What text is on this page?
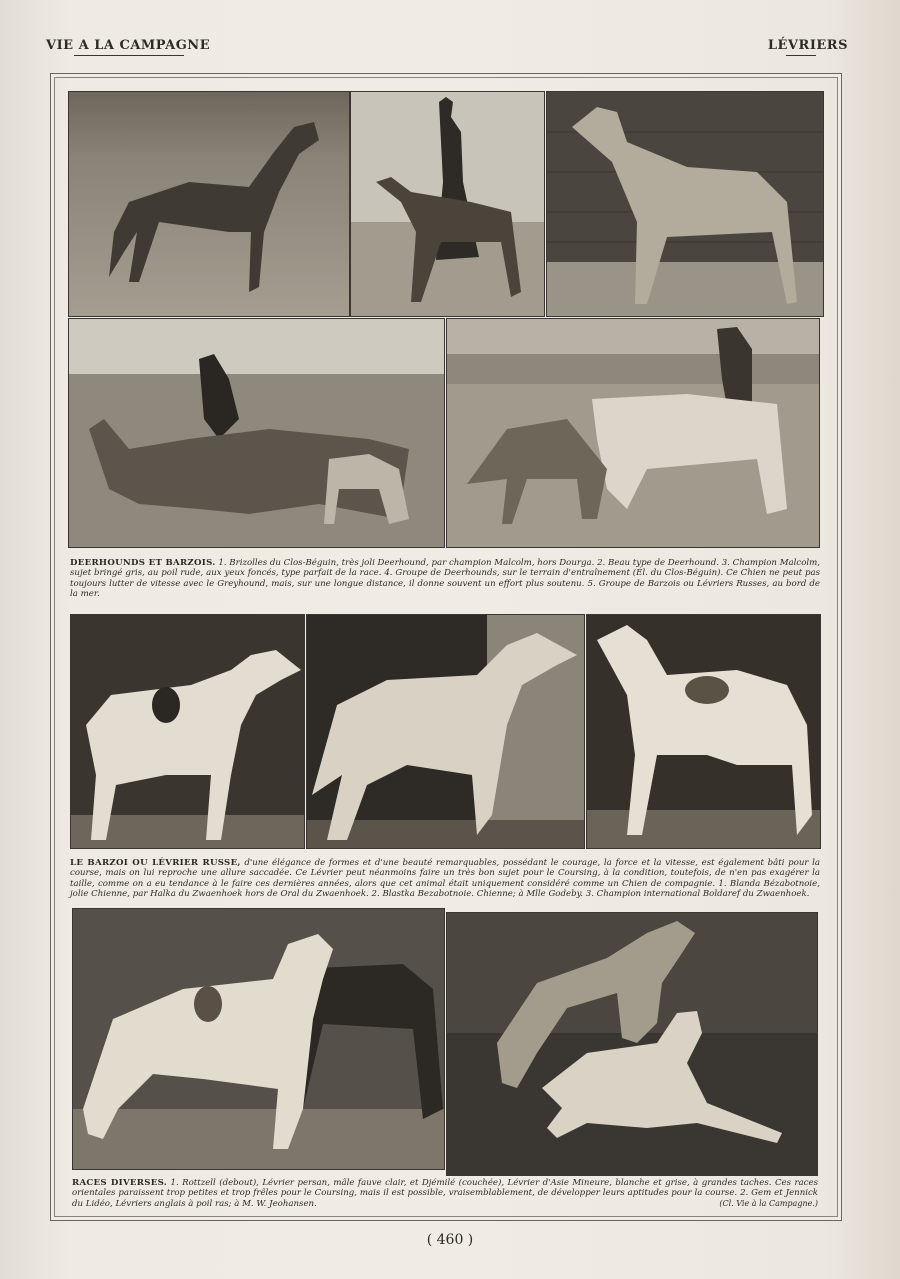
VIE A LA CAMPAGNE	LÉVRIERS
DEERHOUNDS ET BARZOIS. 1. Brizolles du Clos-Béguin, très joli Deerhound, par champion Malcolm, hors Dourga. 2. Beau type de Deerhound. 3. Champion Malcolm, sujet bringé gris, au poil rude, aux yeux foncés, type parfait de la race. 4. Groupe de Deerhounds, sur le terrain d'entraînement (Él. du Clos-Béguin). Ce Chien ne peut pas toujours lutter de vitesse avec le Greyhound, mais, sur une longue distance, il donne souvent un effort plus soutenu. 5. Groupe de Barzois ou Lévriers Russes, au bord de la mer.
LE BARZOI OU LÉVRIER RUSSE, d'une élégance de formes et d'une beauté remarquables, possédant le courage, la force et la vitesse, est également bâti pour la course, mais on lui reproche une allure saccadée. Ce Lévrier peut néanmoins faire un très bon sujet pour le Coursing, à la condition, toutefois, de n'en pas exagérer la taille, comme on a eu tendance à le faire ces dernières années, alors que cet animal était uniquement considéré comme un Chien de compagnie. 1. Blanda Bézabotnoie, jolie Chienne, par Halka du Zwaenhoek hors de Oral du Zwaenhoek. 2. Blastka Bezabotnoie. Chienne; à Mlle Godeby. 3. Champion international Boldaref du Zwaenhoek.
RACES DIVERSES. 1. Rottzell (debout), Lévrier persan, mâle fauve clair, et Djémilé (couchée), Lévrier d'Asie Mineure, blanche et grise, à grandes taches. Ces races orientales paraissent trop petites et trop frêles pour le Coursing, mais il est possible, vraisemblablement, de développer leurs aptitudes pour la course. 2. Gem et Jennick du Lidéo, Lévriers anglais à poil ras; à M. W. Jeohansen.	(Cl. Vie à la Campagne.)
( 460 )
